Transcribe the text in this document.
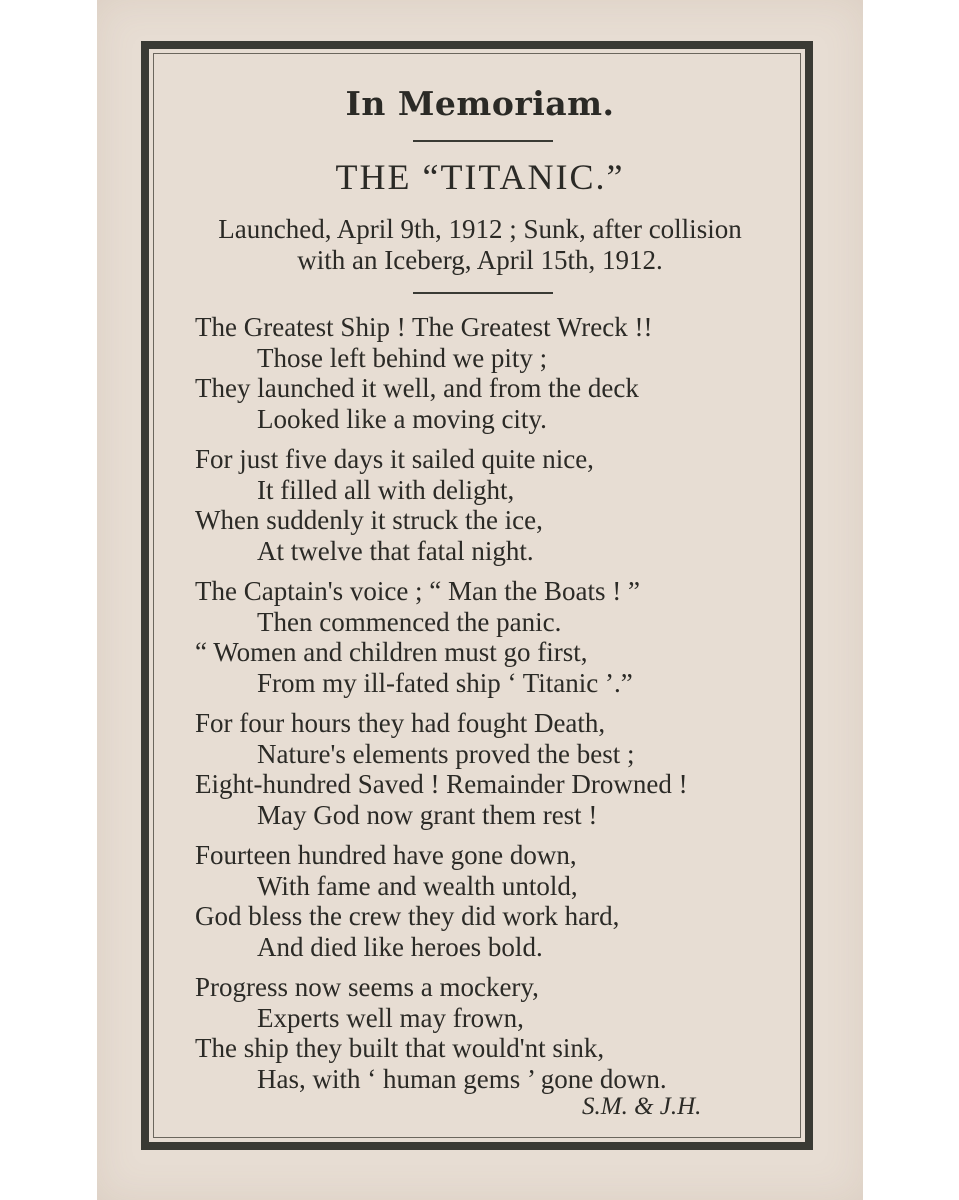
In Memoriam.
THE “TITANIC.”
Launched, April 9th, 1912 ; Sunk, after collision
with an Iceberg, April 15th, 1912.
The Greatest Ship ! The Greatest Wreck !!
Those left behind we pity ;
They launched it well, and from the deck
Looked like a moving city.
For just five days it sailed quite nice,
It filled all with delight,
When suddenly it struck the ice,
At twelve that fatal night.
The Captain's voice ; “ Man the Boats ! ”
Then commenced the panic.
“ Women and children must go first,
From my ill-fated ship ‘ Titanic ’.”
For four hours they had fought Death,
Nature's elements proved the best ;
Eight-hundred Saved ! Remainder Drowned !
May God now grant them rest !
Fourteen hundred have gone down,
With fame and wealth untold,
God bless the crew they did work hard,
And died like heroes bold.
Progress now seems a mockery,
Experts well may frown,
The ship they built that would'nt sink,
Has, with ‘ human gems ’ gone down.
S.M. & J.H.
